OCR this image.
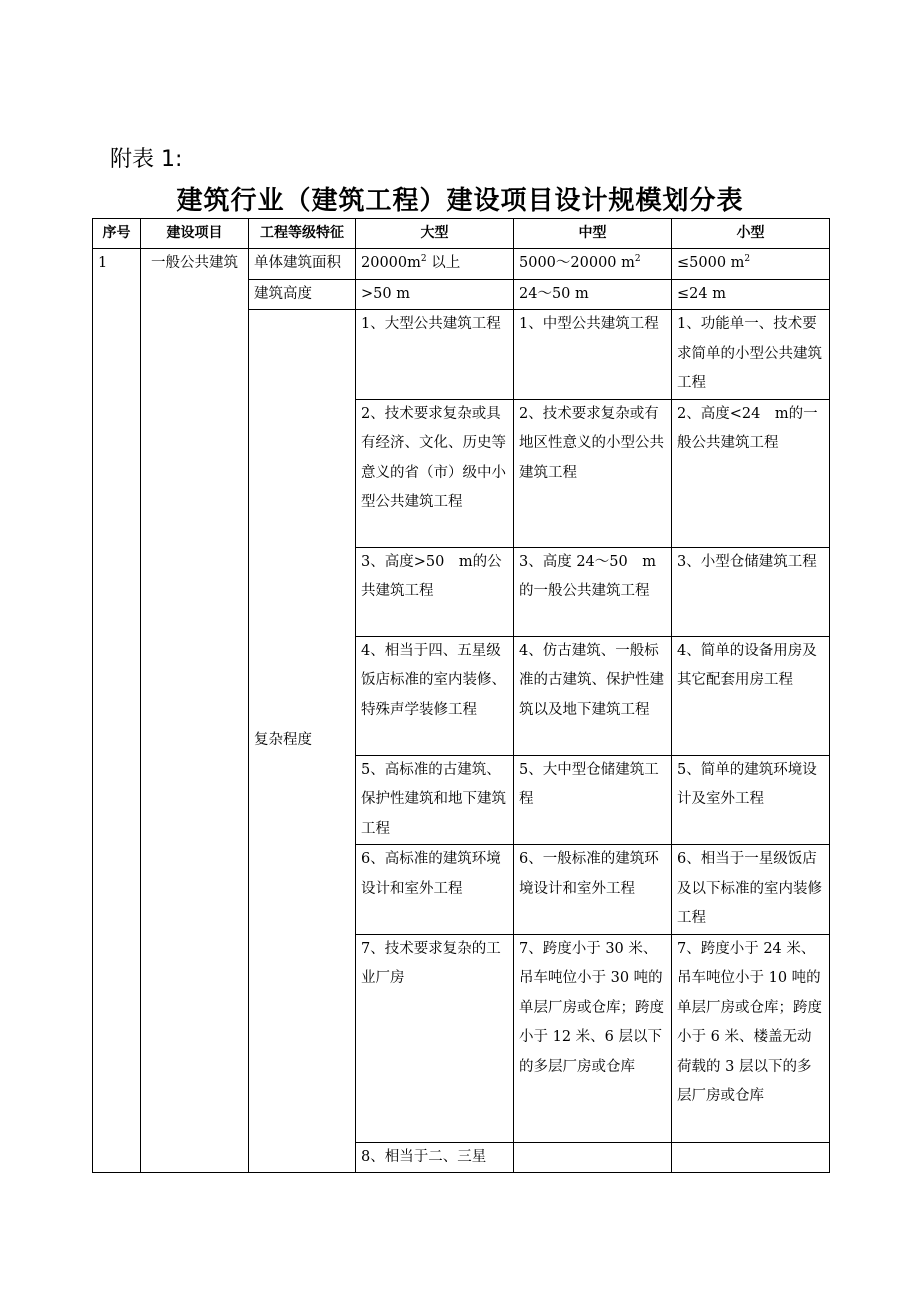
附表 1:
建筑行业（建筑工程）建设项目设计规模划分表
序号	建设项目	工程等级特征	大型	中型	小型
1	一般公共建筑	单体建筑面积	$20000m^2$ 以上	5000～20000 $m^2$	≤5000 $m^2$
		建筑高度	>50 m	24～50 m	≤24 m
		复杂程度	1、大型公共建筑工程	1、中型公共建筑工程	1、功能单一、技术要求简单的小型公共建筑工程
			2、技术要求复杂或具有经济、文化、历史等意义的省（市）级中小型公共建筑工程	2、技术要求复杂或有地区性意义的小型公共建筑工程	2、高度<24　m的一般公共建筑工程
			3、高度>50　m的公共建筑工程	3、高度 24～50　m的一般公共建筑工程	3、小型仓储建筑工程
			4、相当于四、五星级饭店标准的室内装修、特殊声学装修工程	4、仿古建筑、一般标准的古建筑、保护性建筑以及地下建筑工程	4、简单的设备用房及其它配套用房工程
			5、高标准的古建筑、保护性建筑和地下建筑工程	5、大中型仓储建筑工程	5、简单的建筑环境设计及室外工程
			6、高标准的建筑环境设计和室外工程	6、一般标准的建筑环境设计和室外工程	6、相当于一星级饭店及以下标准的室内装修工程
			7、技术要求复杂的工业厂房	7、跨度小于 30 米、吊车吨位小于 30 吨的单层厂房或仓库；跨度小于 12 米、6 层以下的多层厂房或仓库	7、跨度小于 24 米、吊车吨位小于 10 吨的单层厂房或仓库；跨度小于 6 米、楼盖无动荷载的 3 层以下的多层厂房或仓库
			8、相当于二、三星		
